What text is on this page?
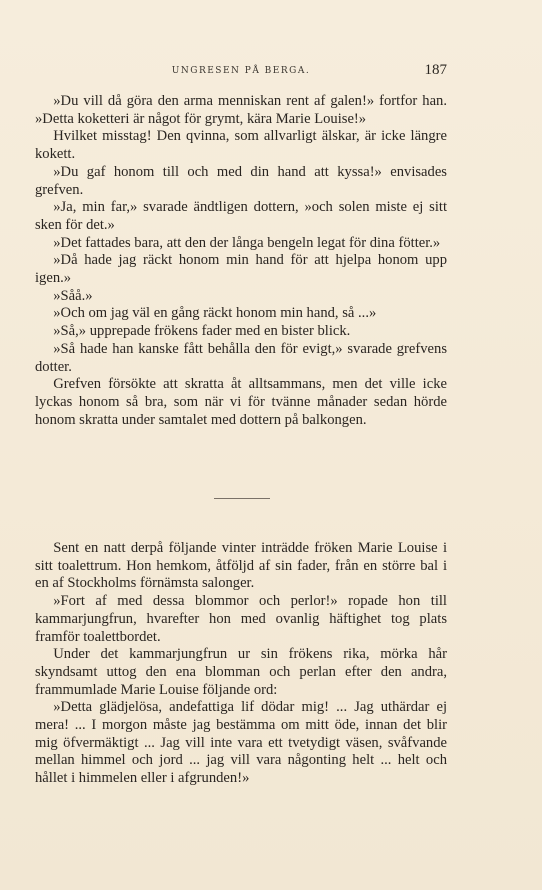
UNGRESEN PÅ BERGA.	187

»Du vill då göra den arma menniskan rent af galen!» fortfor han. »Detta koketteri är något för grymt, kära Marie Louise!»

Hvilket misstag! Den qvinna, som allvarligt älskar, är icke längre kokett.

»Du gaf honom till och med din hand att kyssa!» envisades grefven.

»Ja, min far,» svarade ändtligen dottern, »och solen miste ej sitt sken för det.»

»Det fattades bara, att den der långa bengeln legat för dina fötter.»

»Då hade jag räckt honom min hand för att hjelpa honom upp igen.»

»Såå.»

»Och om jag väl en gång räckt honom min hand, så ...»

»Så,» upprepade frökens fader med en bister blick.

»Så hade han kanske fått behålla den för evigt,» svarade grefvens dotter.

Grefven försökte att skratta åt alltsammans, men det ville icke lyckas honom så bra, som när vi för tvänne månader sedan hörde honom skratta under samtalet med dottern på balkongen.

Sent en natt derpå följande vinter inträdde fröken Marie Louise i sitt toalettrum. Hon hemkom, åtföljd af sin fader, från en större bal i en af Stockholms förnämsta salonger.

»Fort af med dessa blommor och perlor!» ropade hon till kammarjungfrun, hvarefter hon med ovanlig häftighet tog plats framför toalettbordet.

Under det kammarjungfrun ur sin frökens rika, mörka hår skyndsamt uttog den ena blomman och perlan efter den andra, frammumlade Marie Louise följande ord:

»Detta glädjelösa, andefattiga lif dödar mig! ... Jag uthärdar ej mera! ... I morgon måste jag bestämma om mitt öde, innan det blir mig öfvermäktigt ... Jag vill inte vara ett tvetydigt väsen, svåfvande mellan himmel och jord ... jag vill vara någonting helt ... helt och hållet i himmelen eller i afgrunden!»
